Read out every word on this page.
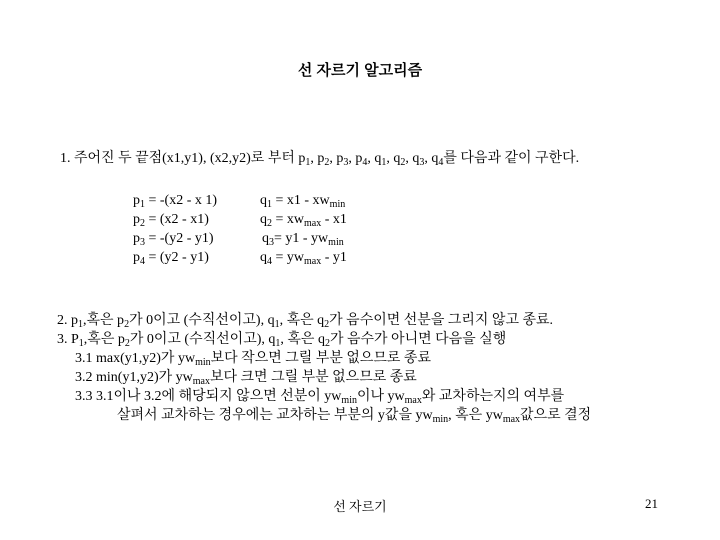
선 자르기 알고리즘
1. 주어진 두 끝점(x1,y1), (x2,y2)로 부터 $p_1$, $p_2$, $p_3$, $p_4$, $q_1$, $q_2$, $q_3$, $q_4$를 다음과 같이 구한다.
$p_1 = -(x2 - x$ 1)
$p_2 = (x2 - x1)$
$p_3 = -(y2 - y1)$
$p_4 = (y2 - y1)$
$q_1 = x1 - xw_{min}$
$q_2 = xw_{max} - x1$
$q_3= y1 - yw_{min}$
$q_4 = yw_{max} - y1$
2. $p_1$,혹은 $p_2$가 0이고 (수직선이고), $q_1$, 혹은 $q_2$가 음수이면 선분을 그리지 않고 종료.
3. $P_1$,혹은 $p_2$가 0이고 (수직선이고), $q_1$, 혹은 $q_2$가 음수가 아니면 다음을 실행
3.1 max(y1,y2)가 $yw_{min}$보다 작으면 그릴 부분 없으므로 종료
3.2 min(y1,y2)가 $yw_{max}$보다 크면 그릴 부분 없으므로 종료
3.3 3.1이나 3.2에 해당되지 않으면 선분이 $yw_{min}$이나 $yw_{max}$와 교차하는지의 여부를
살펴서 교차하는 경우에는 교차하는 부분의 y값을 $yw_{min}$, 혹은 $yw_{max}$값으로 결정
선 자르기	21
